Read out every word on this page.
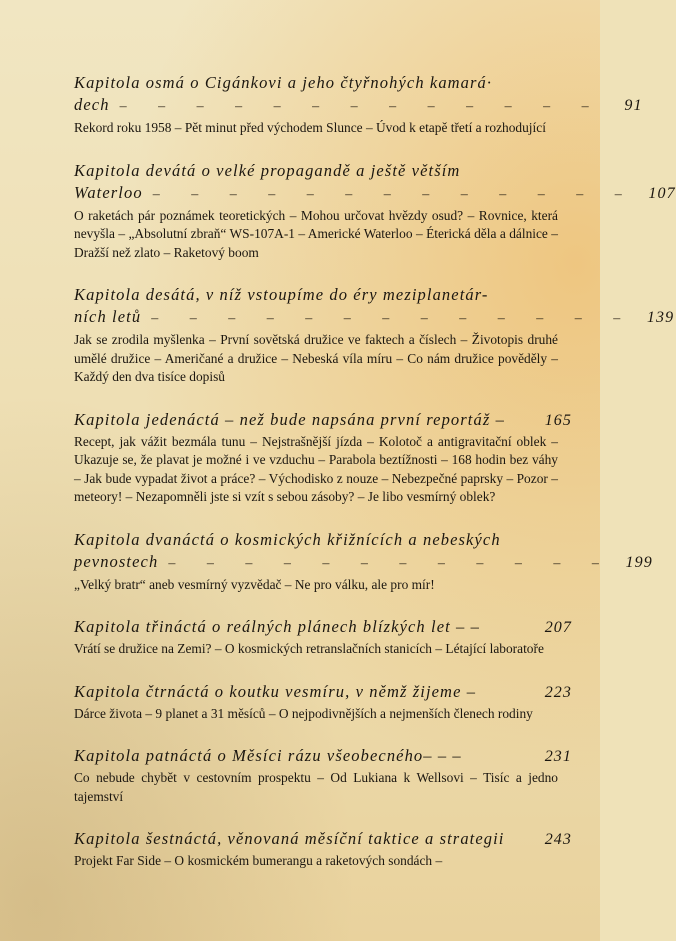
Kapitola osmá o Cigánkovi a jeho čtyřnohých kamará·
dech – – – – – – – – – – – – –	91

Rekord roku 1958 – Pět minut před východem Slunce – Úvod k etapě třetí a rozhodující

Kapitola devátá o velké propagandě a ještě větším
Waterloo – – – – – – – – – – – – – 107

O raketách pár poznámek teoretických – Mohou určovat hvězdy osud? – Rovnice, která nevyšla – „Absolutní zbraň“ WS-107A-1 – Americké Waterloo – Éterická děla a dálnice – Dražší než zlato – Raketový boom

Kapitola desátá, v níž vstoupíme do éry meziplanetár-
ních letů – – – – – – – – – – – – – 139

Jak se zrodila myšlenka – První sovětská družice ve faktech a číslech – Životopis druhé umělé družice – Američané a družice – Nebeská víla míru – Co nám družice pověděly – Každý den dva tisíce dopisů

Kapitola jedenáctá – než bude napsána první reportáž –	165

Recept, jak vážit bezmála tunu – Nejstrašnější jízda – Kolotoč a antigravitační oblek – Ukazuje se, že plavat je možné i ve vzduchu – Parabola beztížnosti – 168 hodin bez váhy – Jak bude vypadat život a práce? – Východisko z nouze – Nebezpečné paprsky – Pozor – meteory! – Nezapomněli jste si vzít s sebou zásoby? – Je libo vesmírný oblek?

Kapitola dvanáctá o kosmických křižnících a nebeských
pevnostech – – – – – – – – – – – – 199

„Velký bratr“ aneb vesmírný vyzvědač – Ne pro válku, ale pro mír!

Kapitola třináctá o reálných plánech blízkých let – –	207

Vrátí se družice na Zemi? – O kosmických retranslačních stanicích – Létající laboratoře

Kapitola čtrnáctá o koutku vesmíru, v němž žijeme –	223

Dárce života – 9 planet a 31 měsíců – O nejpodivnějších a nejmenších členech rodiny

Kapitola patnáctá o Měsíci rázu všeobecného– – –	231

Co nebude chybět v cestovním prospektu – Od Lukiana k Wellsovi – Tisíc a jedno tajemství

Kapitola šestnáctá, věnovaná měsíční taktice a strategii	243

Projekt Far Side – O kosmickém bumerangu a raketových sondách –
